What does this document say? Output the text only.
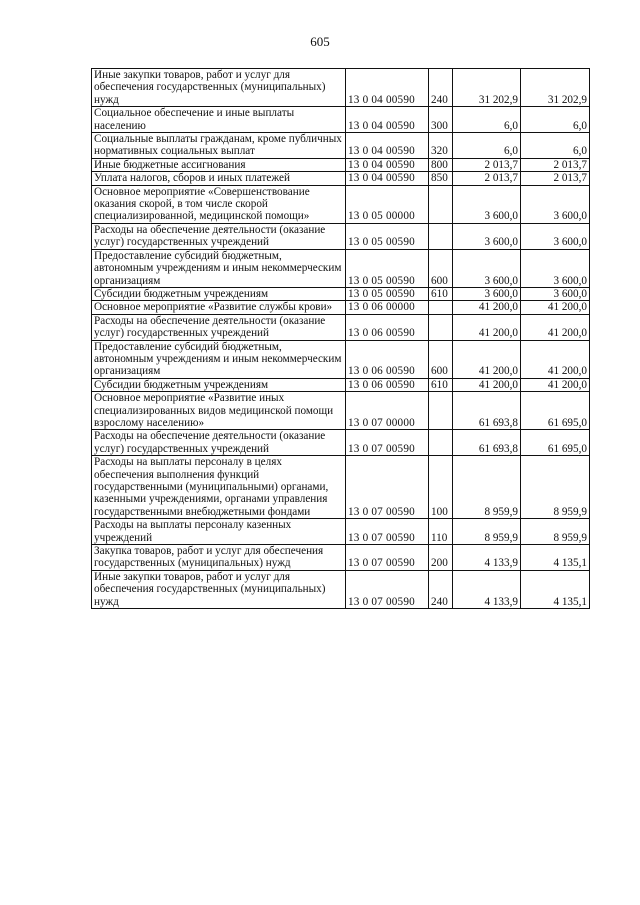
605
Иные закупки товаров, работ и услуг для обеспечения государственных (муниципальных) нужд	13 0 04 00590	240	31 202,9	31 202,9
Социальное обеспечение и иные выплаты населению	13 0 04 00590	300	6,0	6,0
Социальные выплаты гражданам, кроме публичных нормативных социальных выплат	13 0 04 00590	320	6,0	6,0
Иные бюджетные ассигнования	13 0 04 00590	800	2 013,7	2 013,7
Уплата налогов, сборов и иных платежей	13 0 04 00590	850	2 013,7	2 013,7
Основное мероприятие «Совершенствование оказания скорой, в том числе скорой специализированной, медицинской помощи»	13 0 05 00000		3 600,0	3 600,0
Расходы на обеспечение деятельности (оказание услуг) государственных учреждений	13 0 05 00590		3 600,0	3 600,0
Предоставление субсидий бюджетным, автономным учреждениям и иным некоммерческим организациям	13 0 05 00590	600	3 600,0	3 600,0
Субсидии бюджетным учреждениям	13 0 05 00590	610	3 600,0	3 600,0
Основное мероприятие «Развитие службы крови»	13 0 06 00000		41 200,0	41 200,0
Расходы на обеспечение деятельности (оказание услуг) государственных учреждений	13 0 06 00590		41 200,0	41 200,0
Предоставление субсидий бюджетным, автономным учреждениям и иным некоммерческим организациям	13 0 06 00590	600	41 200,0	41 200,0
Субсидии бюджетным учреждениям	13 0 06 00590	610	41 200,0	41 200,0
Основное мероприятие «Развитие иных специализированных видов медицинской помощи взрослому населению»	13 0 07 00000		61 693,8	61 695,0
Расходы на обеспечение деятельности (оказание услуг) государственных учреждений	13 0 07 00590		61 693,8	61 695,0
Расходы на выплаты персоналу в целях обеспечения выполнения функций государственными (муниципальными) органами, казенными учреждениями, органами управления государственными внебюджетными фондами	13 0 07 00590	100	8 959,9	8 959,9
Расходы на выплаты персоналу казенных учреждений	13 0 07 00590	110	8 959,9	8 959,9
Закупка товаров, работ и услуг для обеспечения государственных (муниципальных) нужд	13 0 07 00590	200	4 133,9	4 135,1
Иные закупки товаров, работ и услуг для обеспечения государственных (муниципальных) нужд	13 0 07 00590	240	4 133,9	4 135,1
